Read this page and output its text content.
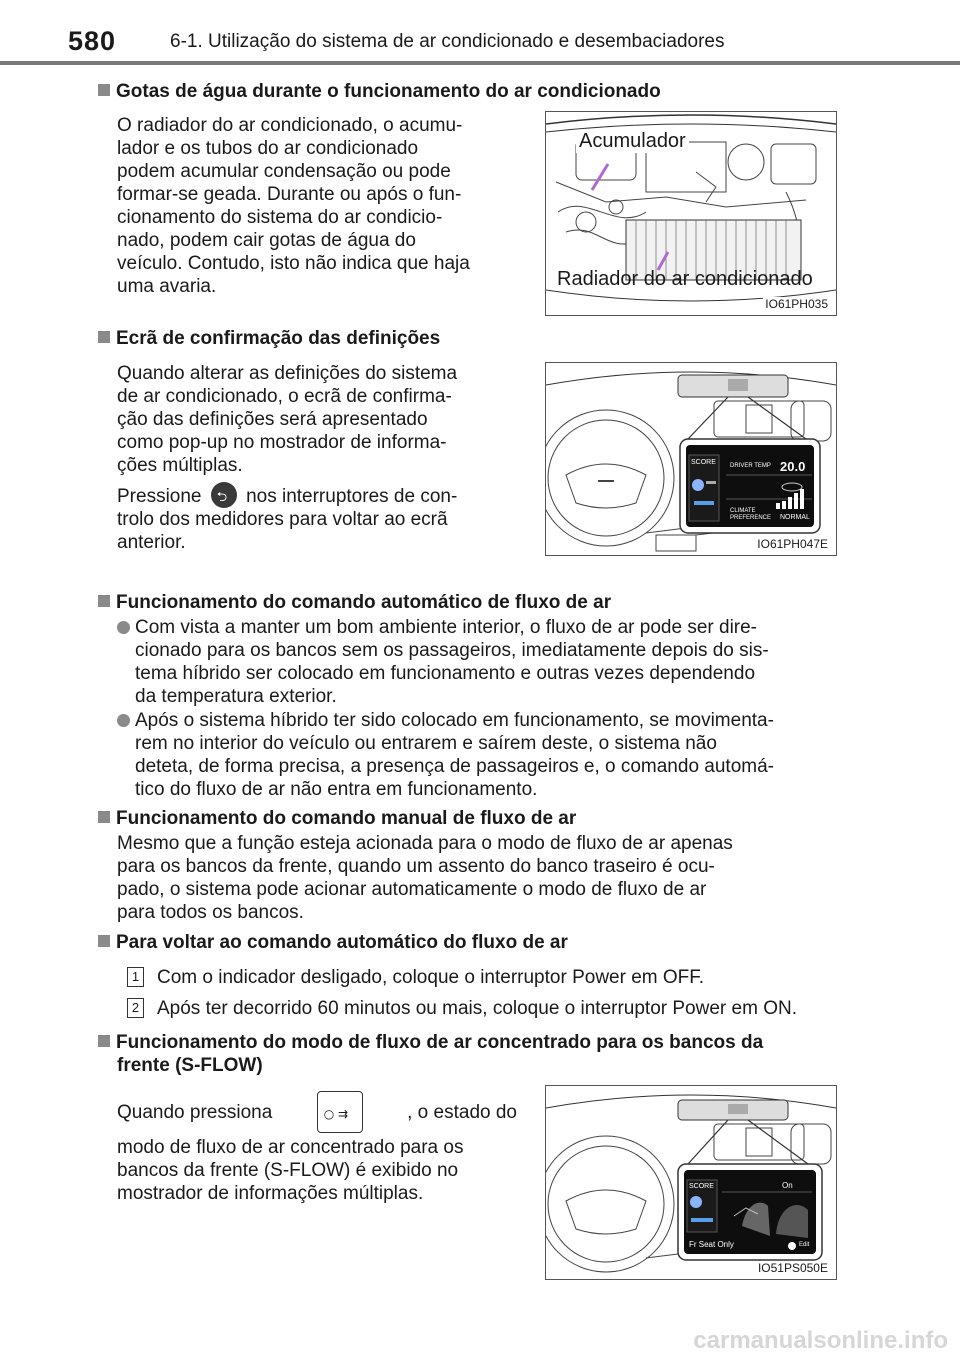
580	6-1. Utilização do sistema de ar condicionado e desembaciadores
Gotas de água durante o funcionamento do ar condicionado
O radiador do ar condicionado, o acumu-
lador e os tubos do ar condicionado
podem acumular condensação ou pode
formar-se geada. Durante ou após o fun-
cionamento do sistema do ar condicio-
nado, podem cair gotas de água do
veículo. Contudo, isto não indica que haja
uma avaria.
Acumulador
Radiador do ar condicionado
IO61PH035
Ecrã de confirmação das definições
Quando alterar as definições do sistema
de ar condicionado, o ecrã de confirma-
ção das definições será apresentado
como pop-up no mostrador de informa-
ções múltiplas.
Pressione ⮌ nos interruptores de con-
trolo dos medidores para voltar ao ecrã
anterior.
SCORE DRIVER TEMP 20.0
CLIMATE
PREFERENCE NORMAL
IO61PH047E
Funcionamento do comando automático de fluxo de ar
Com vista a manter um bom ambiente interior, o fluxo de ar pode ser dire-
cionado para os bancos sem os passageiros, imediatamente depois do sis-
tema híbrido ser colocado em funcionamento e outras vezes dependendo
da temperatura exterior.
Após o sistema híbrido ter sido colocado em funcionamento, se movimenta-
rem no interior do veículo ou entrarem e saírem deste, o sistema não
deteta, de forma precisa, a presença de passageiros e, o comando automá-
tico do fluxo de ar não entra em funcionamento.
Funcionamento do comando manual de fluxo de ar
Mesmo que a função esteja acionada para o modo de fluxo de ar apenas
para os bancos da frente, quando um assento do banco traseiro é ocu-
pado, o sistema pode acionar automaticamente o modo de fluxo de ar
para todos os bancos.
Para voltar ao comando automático do fluxo de ar
1 Com o indicador desligado, coloque o interruptor Power em OFF.
2 Após ter decorrido 60 minutos ou mais, coloque o interruptor Power em ON.
Funcionamento do modo de fluxo de ar concentrado para os bancos da
frente (S-FLOW)
Quando pressiona	○ ⇉	, o estado do
modo de fluxo de ar concentrado para os
bancos da frente (S-FLOW) é exibido no
mostrador de informações múltiplas.	SCORE	On
Fr Seat Only	Edit
IO51PS050E
carmanualsonline.info
